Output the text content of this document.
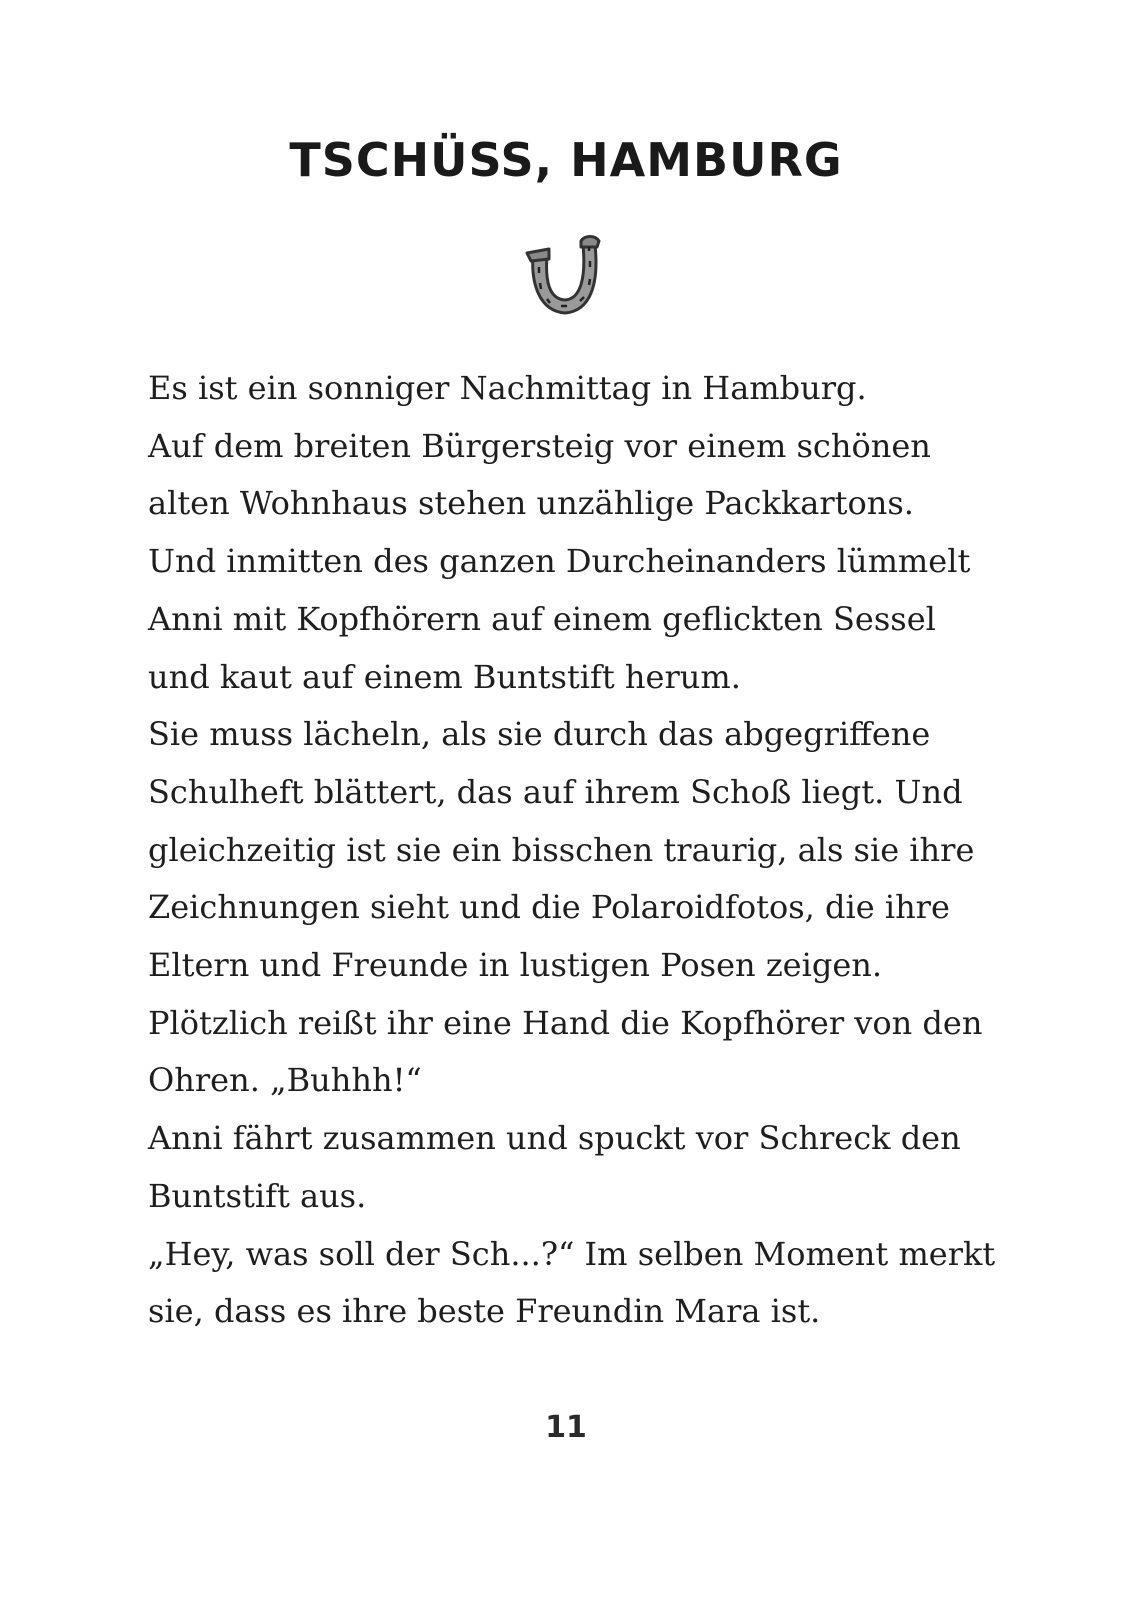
TSCHÜSS, HAMBURG
Es ist ein sonniger Nachmittag in Hamburg.
Auf dem breiten Bürgersteig vor einem schönen
alten Wohnhaus stehen unzählige Packkartons.
Und inmitten des ganzen Durcheinanders lümmelt
Anni mit Kopfhörern auf einem geflickten Sessel
und kaut auf einem Buntstift herum.
Sie muss lächeln, als sie durch das abgegriffene
Schulheft blättert, das auf ihrem Schoß liegt. Und
gleichzeitig ist sie ein bisschen traurig, als sie ihre
Zeichnungen sieht und die Polaroidfotos, die ihre
Eltern und Freunde in lustigen Posen zeigen.
Plötzlich reißt ihr eine Hand die Kopfhörer von den
Ohren. „Buhhh!“
Anni fährt zusammen und spuckt vor Schreck den
Buntstift aus.
„Hey, was soll der Sch...?“ Im selben Moment merkt
sie, dass es ihre beste Freundin Mara ist.
11
